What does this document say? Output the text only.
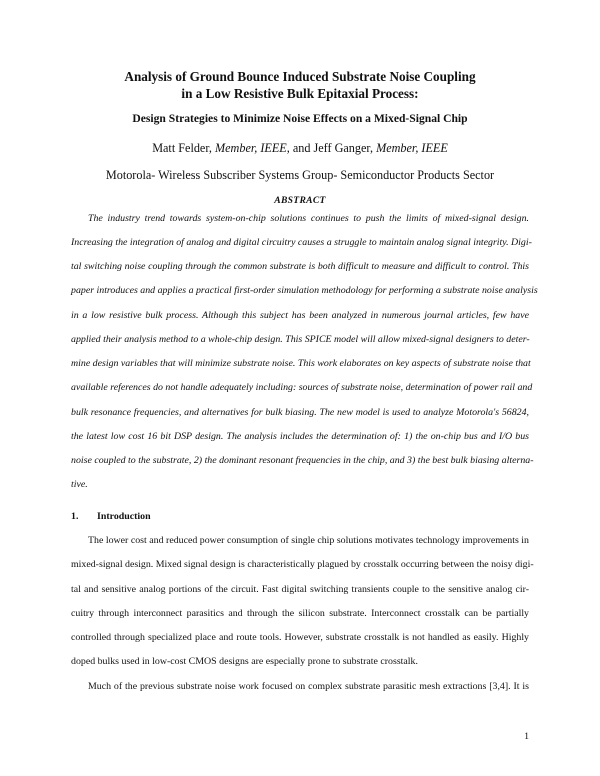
Analysis of Ground Bounce Induced Substrate Noise Coupling
in a Low Resistive Bulk Epitaxial Process:
Design Strategies to Minimize Noise Effects on a Mixed-Signal Chip
Matt Felder, Member, IEEE, and Jeff Ganger, Member, IEEE
Motorola- Wireless Subscriber Systems Group- Semiconductor Products Sector
ABSTRACT
The industry trend towards system-on-chip solutions continues to push the limits of mixed-signal design.
Increasing the integration of analog and digital circuitry causes a struggle to maintain analog signal integrity. Digi-
tal switching noise coupling through the common substrate is both difficult to measure and difficult to control. This
paper introduces and applies a practical first-order simulation methodology for performing a substrate noise analysis
in a low resistive bulk process. Although this subject has been analyzed in numerous journal articles, few have
applied their analysis method to a whole-chip design. This SPICE model will allow mixed-signal designers to deter-
mine design variables that will minimize substrate noise. This work elaborates on key aspects of substrate noise that
available references do not handle adequately including: sources of substrate noise, determination of power rail and
bulk resonance frequencies, and alternatives for bulk biasing. The new model is used to analyze Motorola's 56824,
the latest low cost 16 bit DSP design. The analysis includes the determination of: 1) the on-chip bus and I/O bus
noise coupled to the substrate, 2) the dominant resonant frequencies in the chip, and 3) the best bulk biasing alterna-
tive.
1. Introduction
The lower cost and reduced power consumption of single chip solutions motivates technology improvements in
mixed-signal design. Mixed signal design is characteristically plagued by crosstalk occurring between the noisy digi-
tal and sensitive analog portions of the circuit. Fast digital switching transients couple to the sensitive analog cir-
cuitry through interconnect parasitics and through the silicon substrate. Interconnect crosstalk can be partially
controlled through specialized place and route tools. However, substrate crosstalk is not handled as easily. Highly
doped bulks used in low-cost CMOS designs are especially prone to substrate crosstalk.
Much of the previous substrate noise work focused on complex substrate parasitic mesh extractions [3,4]. It is
1
